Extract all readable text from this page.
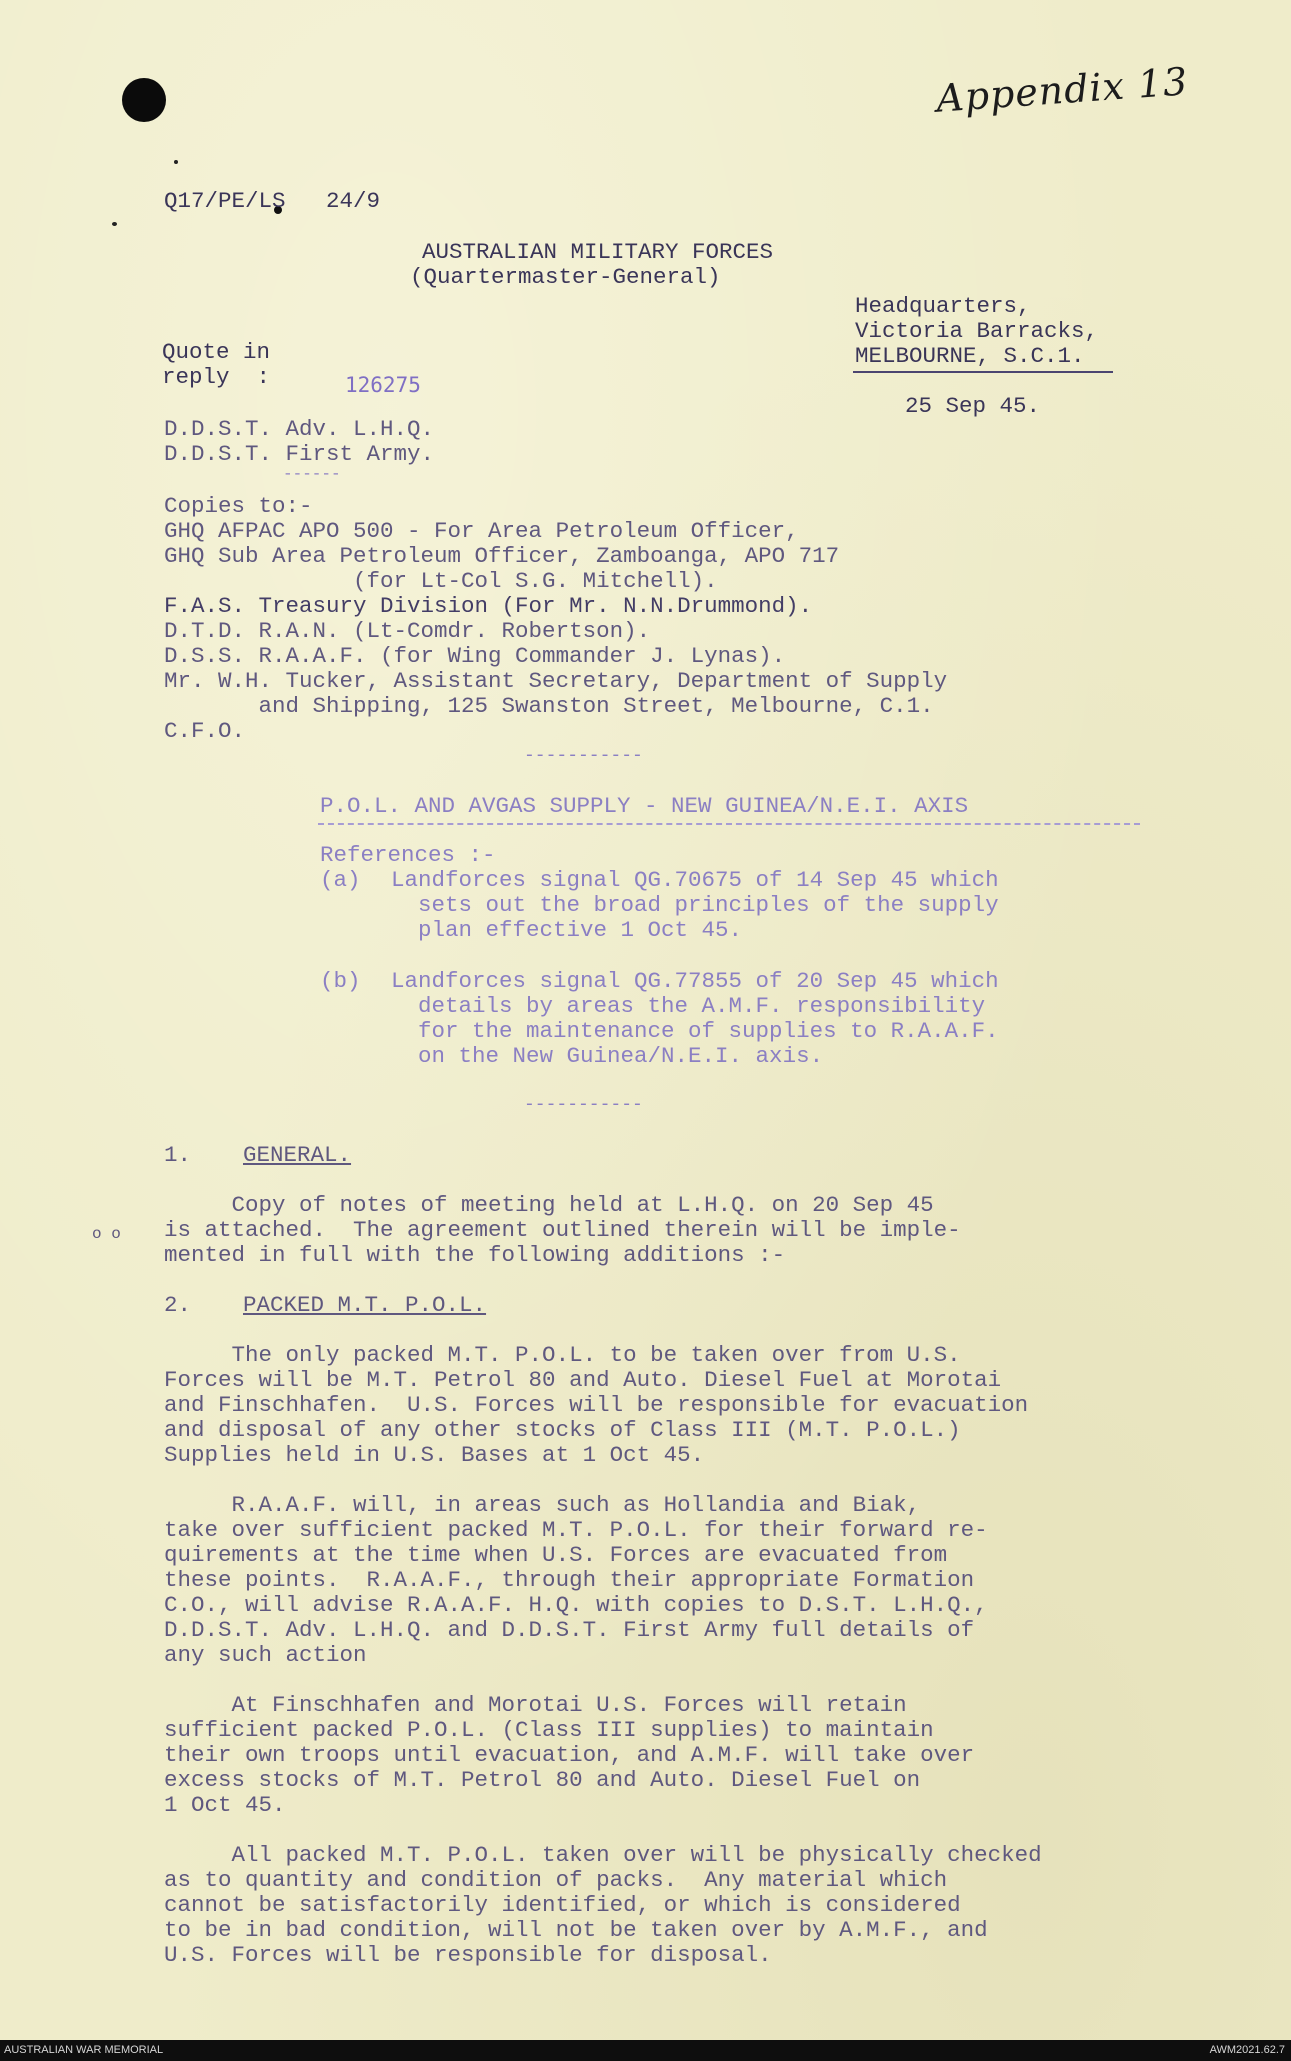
Appendix 13
Q17/PE/LS   24/9
AUSTRALIAN MILITARY FORCES
(Quartermaster-General)
Headquarters,
Victoria Barracks,
MELBOURNE, S.C.1.
Quote in
reply  :	126275
25 Sep 45.
D.D.S.T. Adv. L.H.Q.
D.D.S.T. First Army.
------
Copies to:-
GHQ AFPAC APO 500 - For Area Petroleum Officer,
GHQ Sub Area Petroleum Officer, Zamboanga, APO 717
(for Lt-Col S.G. Mitchell).
F.A.S. Treasury Division (For Mr. N.N.Drummond).
D.T.D. R.A.N. (Lt-Comdr. Robertson).
D.S.S. R.A.A.F. (for Wing Commander J. Lynas).
Mr. W.H. Tucker, Assistant Secretary, Department of Supply
and Shipping, 125 Swanston Street, Melbourne, C.1.
C.F.O.
-----------
P.O.L. AND AVGAS SUPPLY - NEW GUINEA/N.E.I. AXIS
References :-
(a) Landforces signal QG.70675 of 14 Sep 45 which
sets out the broad principles of the supply
plan effective 1 Oct 45.
(b) Landforces signal QG.77855 of 20 Sep 45 which
details by areas the A.M.F. responsibility
for the maintenance of supplies to R.A.A.F.
on the New Guinea/N.E.I. axis.
-----------
1. GENERAL.
Copy of notes of meeting held at L.H.Q. on 20 Sep 45
is attached.  The agreement outlined therein will be imple-
mented in full with the following additions :-
o o
2. PACKED M.T. P.O.L.
The only packed M.T. P.O.L. to be taken over from U.S.
Forces will be M.T. Petrol 80 and Auto. Diesel Fuel at Morotai
and Finschhafen.  U.S. Forces will be responsible for evacuation
and disposal of any other stocks of Class III (M.T. P.O.L.)
Supplies held in U.S. Bases at 1 Oct 45.
R.A.A.F. will, in areas such as Hollandia and Biak,
take over sufficient packed M.T. P.O.L. for their forward re-
quirements at the time when U.S. Forces are evacuated from
these points.  R.A.A.F., through their appropriate Formation
C.O., will advise R.A.A.F. H.Q. with copies to D.S.T. L.H.Q.,
D.D.S.T. Adv. L.H.Q. and D.D.S.T. First Army full details of
any such action
At Finschhafen and Morotai U.S. Forces will retain
sufficient packed P.O.L. (Class III supplies) to maintain
their own troops until evacuation, and A.M.F. will take over
excess stocks of M.T. Petrol 80 and Auto. Diesel Fuel on
1 Oct 45.
All packed M.T. P.O.L. taken over will be physically checked
as to quantity and condition of packs.  Any material which
cannot be satisfactorily identified, or which is considered
to be in bad condition, will not be taken over by A.M.F., and
U.S. Forces will be responsible for disposal.
AUSTRALIAN WAR MEMORIAL	AWM2021.62.7
